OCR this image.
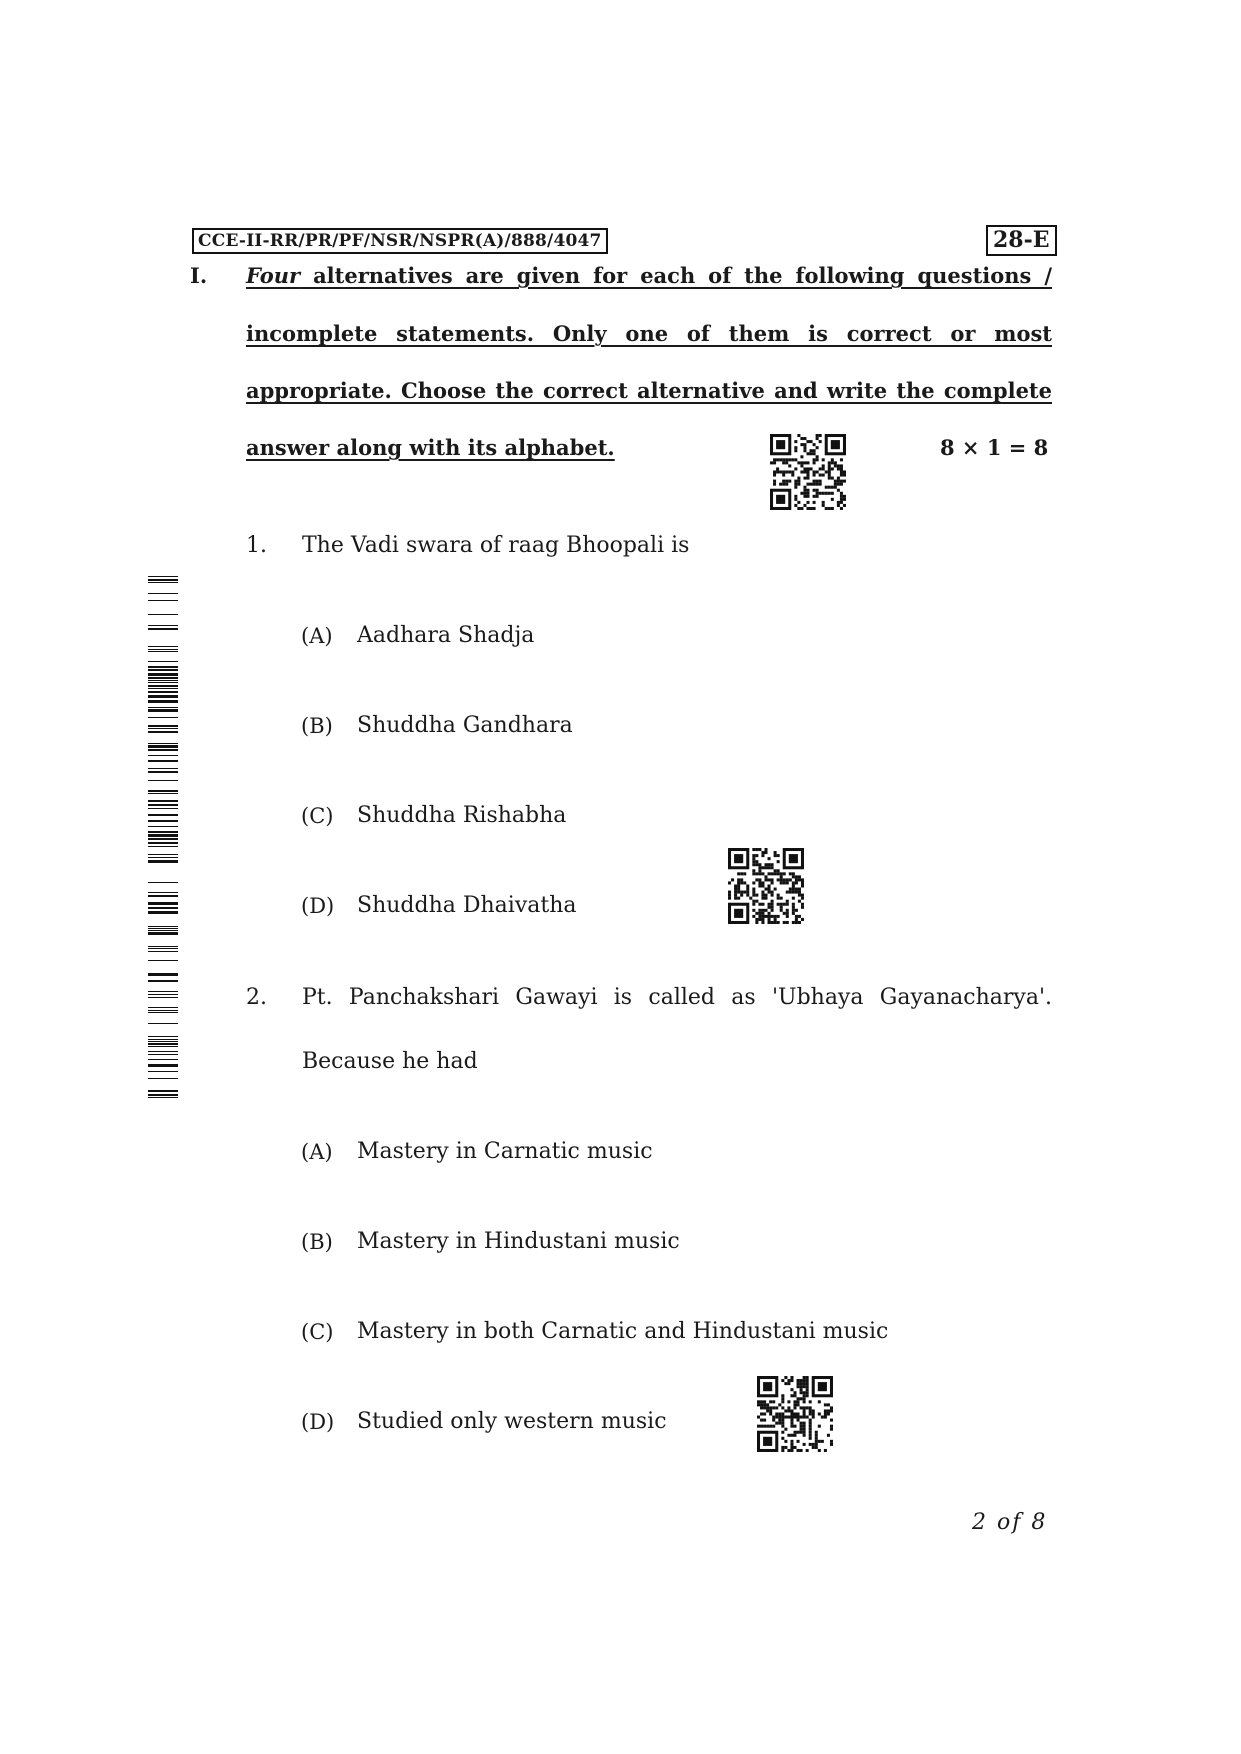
CCE-II-RR/PR/PF/NSR/NSPR(A)/888/4047	28-E
I. Four alternatives are given for each of the following questions /
incomplete statements. Only one of them is correct or most
appropriate. Choose the correct alternative and write the complete
answer along with its alphabet.	8 × 1 = 8
1. The Vadi swara of raag Bhoopali is
(A) Aadhara Shadja
(B) Shuddha Gandhara
(C) Shuddha Rishabha
(D) Shuddha Dhaivatha
2. Pt. Panchakshari Gawayi is called as 'Ubhaya Gayanacharya'.
Because he had
(A) Mastery in Carnatic music
(B) Mastery in Hindustani music
(C) Mastery in both Carnatic and Hindustani music
(D) Studied only western music
2 of 8
